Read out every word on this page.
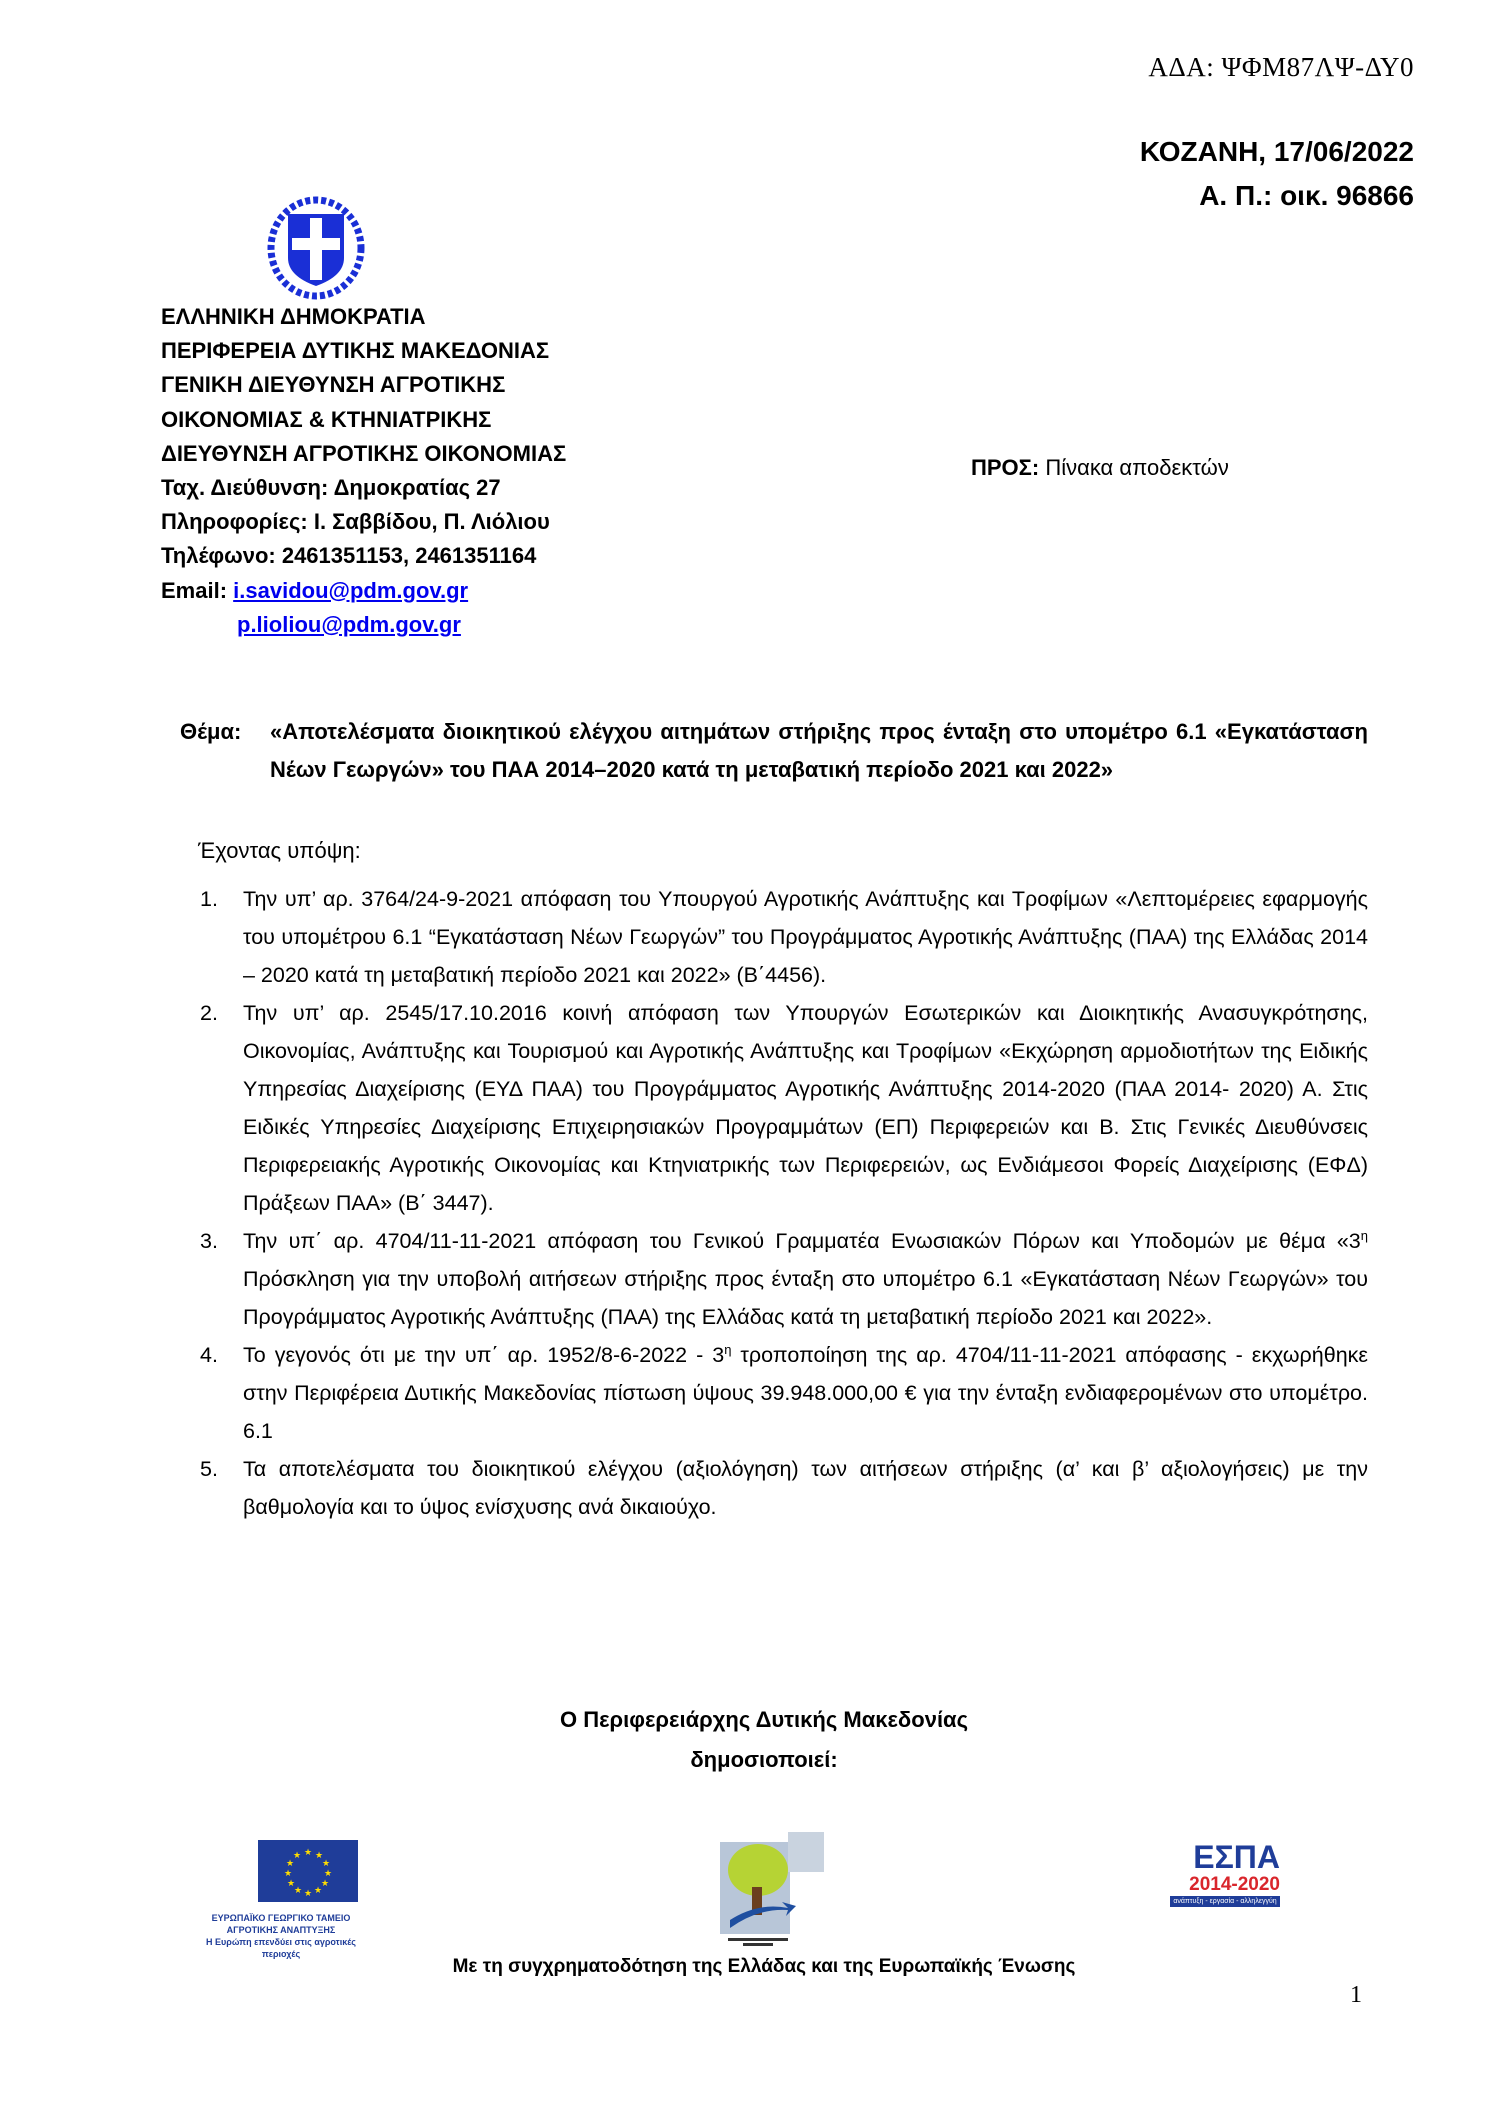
ΑΔΑ: ΨΦΜ87ΛΨ-ΔΥ0
ΚΟΖΑΝΗ, 17/06/2022
Α. Π.: οικ. 96866
ΕΛΛΗΝΙΚΗ ΔΗΜΟΚΡΑΤΙΑ
ΠΕΡΙΦΕΡΕΙΑ ΔΥΤΙΚΗΣ ΜΑΚΕΔΟΝΙΑΣ
ΓΕΝΙΚΗ ΔΙΕΥΘΥΝΣΗ ΑΓΡΟΤΙΚΗΣ
ΟΙΚΟΝΟΜΙΑΣ & ΚΤΗΝΙΑΤΡΙΚΗΣ
ΔΙΕΥΘΥΝΣΗ ΑΓΡΟΤΙΚΗΣ ΟΙΚΟΝΟΜΙΑΣ
Ταχ. Διεύθυνση: Δημοκρατίας 27
Πληροφορίες: Ι. Σαββίδου, Π. Λιόλιου
Τηλέφωνο: 2461351153, 2461351164
Email: i.savidou@pdm.gov.gr
p.lioliou@pdm.gov.gr
ΠΡΟΣ: Πίνακα αποδεκτών
Θέμα: «Αποτελέσματα διοικητικού ελέγχου αιτημάτων στήριξης προς ένταξη στο υπομέτρο 6.1 «Εγκατάσταση Νέων Γεωργών» του ΠΑΑ 2014–2020 κατά τη μεταβατική περίοδο 2021 και 2022»
Έχοντας υπόψη:
1. Την υπ’ αρ. 3764/24-9-2021 απόφαση του Υπουργού Αγροτικής Ανάπτυξης και Τροφίμων «Λεπτομέρειες εφαρμογής του υπομέτρου 6.1 “Εγκατάσταση Νέων Γεωργών” του Προγράμματος Αγροτικής Ανάπτυξης (ΠΑΑ) της Ελλάδας 2014 – 2020 κατά τη μεταβατική περίοδο 2021 και 2022» (Β΄4456).
2. Την υπ’ αρ. 2545/17.10.2016 κοινή απόφαση των Υπουργών Εσωτερικών και Διοικητικής Ανασυγκρότησης, Οικονομίας, Ανάπτυξης και Τουρισμού και Αγροτικής Ανάπτυξης και Τροφίμων «Εκχώρηση αρμοδιοτήτων της Ειδικής Υπηρεσίας Διαχείρισης (ΕΥΔ ΠΑΑ) του Προγράμματος Αγροτικής Ανάπτυξης 2014-2020 (ΠΑΑ 2014- 2020) Α. Στις Ειδικές Υπηρεσίες Διαχείρισης Επιχειρησιακών Προγραμμάτων (ΕΠ) Περιφερειών και Β. Στις Γενικές Διευθύνσεις Περιφερειακής Αγροτικής Οικονομίας και Κτηνιατρικής των Περιφερειών, ως Ενδιάμεσοι Φορείς Διαχείρισης (ΕΦΔ) Πράξεων ΠΑΑ» (Β΄ 3447).
3. Την υπ΄ αρ. 4704/11-11-2021 απόφαση του Γενικού Γραμματέα Ενωσιακών Πόρων και Υποδομών με θέμα «$3^\eta$ Πρόσκληση για την υποβολή αιτήσεων στήριξης προς ένταξη στο υπομέτρο 6.1 «Εγκατάσταση Νέων Γεωργών» του Προγράμματος Αγροτικής Ανάπτυξης (ΠΑΑ) της Ελλάδας κατά τη μεταβατική περίοδο 2021 και 2022».
4. Το γεγονός ότι με την υπ΄ αρ. $1952/8-6-2022 - 3^\eta$ τροποποίηση της αρ. 4704/11-11-2021 απόφασης - εκχωρήθηκε στην Περιφέρεια Δυτικής Μακεδονίας πίστωση ύψους 39.948.000,00 € για την ένταξη ενδιαφερομένων στο υπομέτρο. 6.1
5. Τα αποτελέσματα του διοικητικού ελέγχου (αξιολόγηση) των αιτήσεων στήριξης (α’ και β’ αξιολογήσεις) με την βαθμολογία και το ύψος ενίσχυσης ανά δικαιούχο.
Ο Περιφερειάρχης Δυτικής Μακεδονίας
δημοσιοποιεί:
★ ★
★
★
★
★
★
★
★
★
★
★
ΕΥΡΩΠΑΪΚΟ ΓΕΩΡΓΙΚΟ ΤΑΜΕΙΟ ΑΓΡΟΤΙΚΗΣ ΑΝΑΠΤΥΞΗΣ
Η Ευρώπη επενδύει στις αγροτικές περιοχές
ΕΣΠΑ
2014-2020
ανάπτυξη - εργασία - αλληλεγγύη
Με τη συγχρηματοδότηση της Ελλάδας και της Ευρωπαϊκής Ένωσης
1
